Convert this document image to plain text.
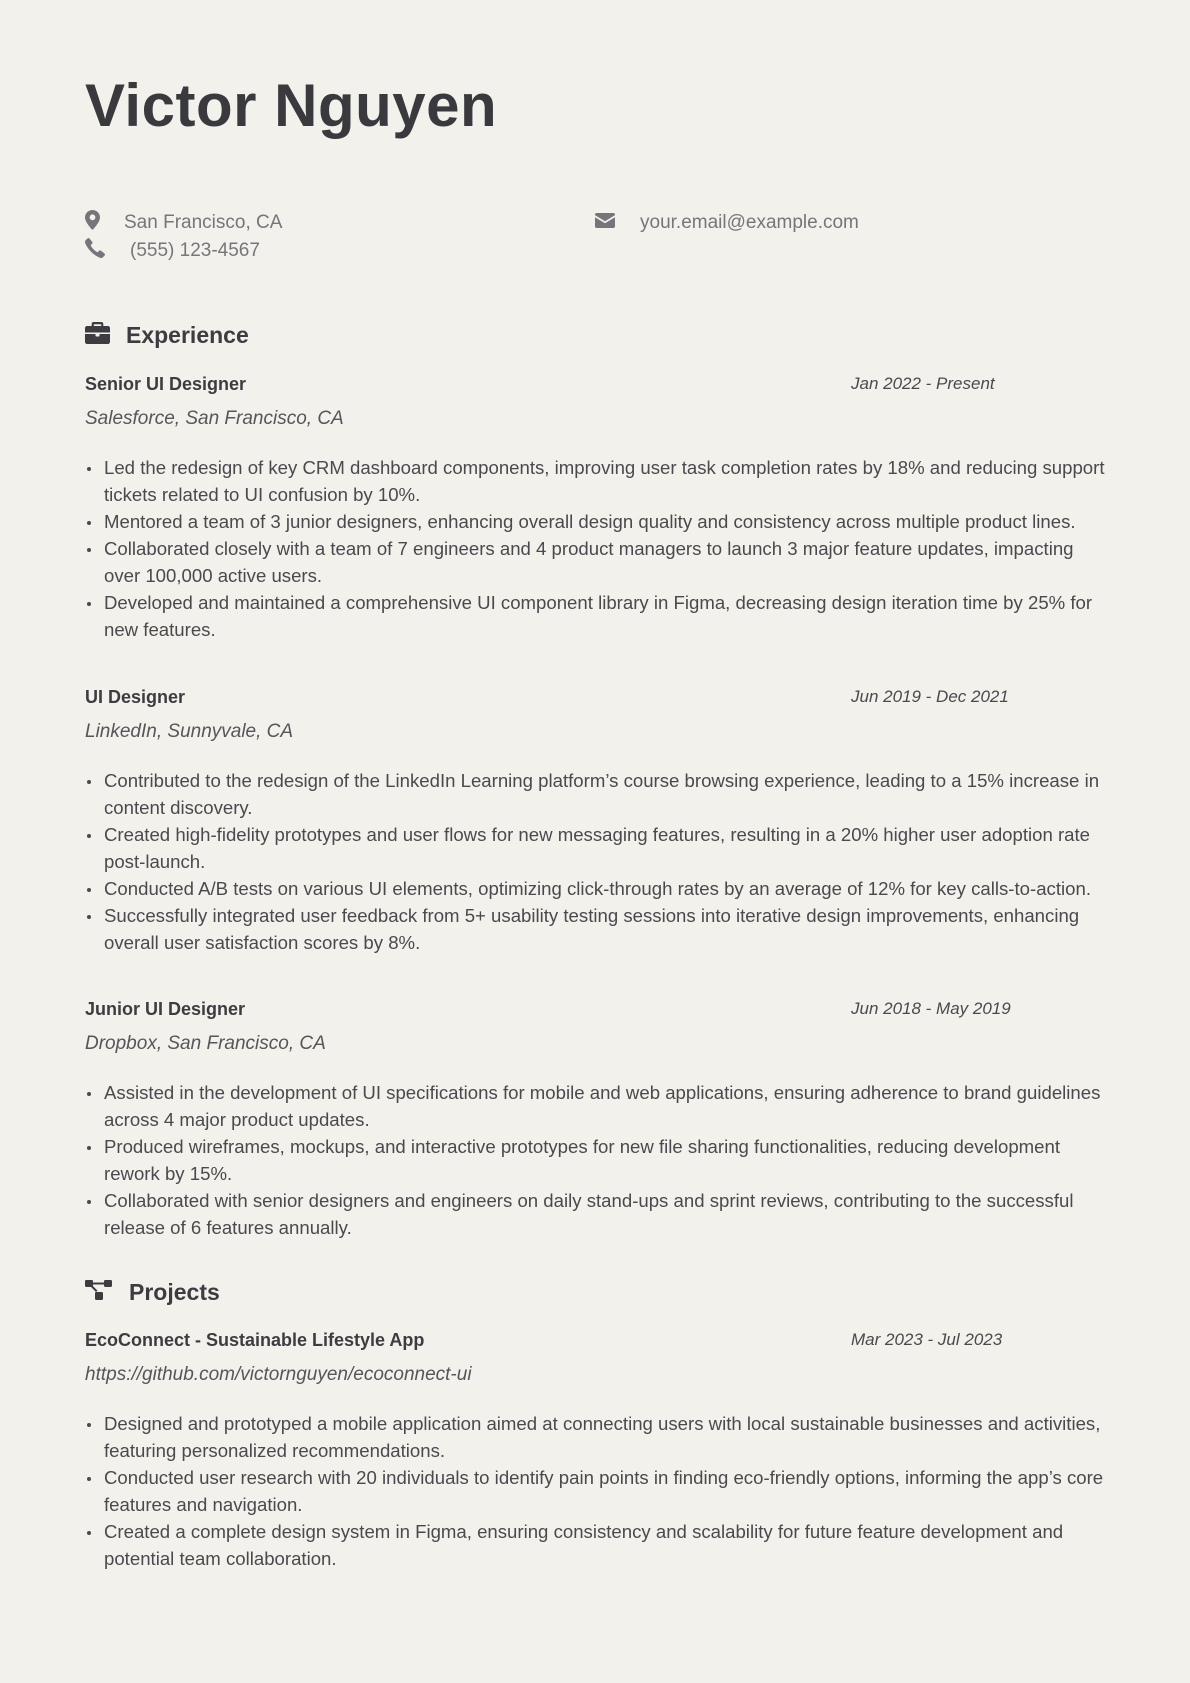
Victor Nguyen
San Francisco, CA
(555) 123-4567
your.email@example.com
Experience
Senior UI Designer	Jan 2022 - Present
Salesforce, San Francisco, CA
Led the redesign of key CRM dashboard components, improving user task completion rates by 18% and reducing support tickets related to UI confusion by 10%.
Mentored a team of 3 junior designers, enhancing overall design quality and consistency across multiple product lines.
Collaborated closely with a team of 7 engineers and 4 product managers to launch 3 major feature updates, impacting over 100,000 active users.
Developed and maintained a comprehensive UI component library in Figma, decreasing design iteration time by 25% for new features.
UI Designer	Jun 2019 - Dec 2021
LinkedIn, Sunnyvale, CA
Contributed to the redesign of the LinkedIn Learning platform’s course browsing experience, leading to a 15% increase in content discovery.
Created high-fidelity prototypes and user flows for new messaging features, resulting in a 20% higher user adoption rate post-launch.
Conducted A/B tests on various UI elements, optimizing click-through rates by an average of 12% for key calls-to-action.
Successfully integrated user feedback from 5+ usability testing sessions into iterative design improvements, enhancing overall user satisfaction scores by 8%.
Junior UI Designer	Jun 2018 - May 2019
Dropbox, San Francisco, CA
Assisted in the development of UI specifications for mobile and web applications, ensuring adherence to brand guidelines across 4 major product updates.
Produced wireframes, mockups, and interactive prototypes for new file sharing functionalities, reducing development rework by 15%.
Collaborated with senior designers and engineers on daily stand-ups and sprint reviews, contributing to the successful release of 6 features annually.
Projects
EcoConnect - Sustainable Lifestyle App	Mar 2023 - Jul 2023
https://github.com/victornguyen/ecoconnect-ui
Designed and prototyped a mobile application aimed at connecting users with local sustainable businesses and activities, featuring personalized recommendations.
Conducted user research with 20 individuals to identify pain points in finding eco-friendly options, informing the app’s core features and navigation.
Created a complete design system in Figma, ensuring consistency and scalability for future feature development and potential team collaboration.
